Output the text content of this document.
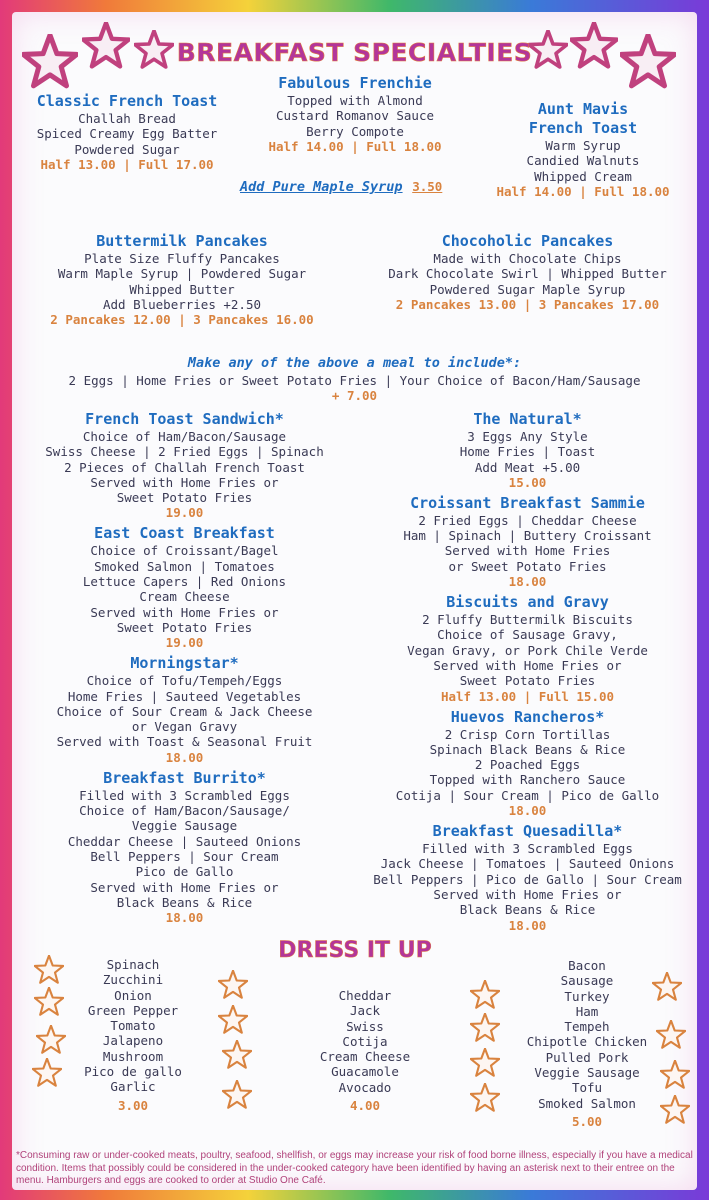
BREAKFAST SPECIALTIES
Classic French Toast
Challah Bread
Spiced Creamy Egg Batter
Powdered Sugar
Half 13.00 | Full 17.00
Fabulous Frenchie
Topped with Almond
Custard Romanov Sauce
Berry Compote
Half 14.00 | Full 18.00
Aunt Mavis
French Toast
Warm Syrup
Candied Walnuts
Whipped Cream
Half 14.00 | Full 18.00
Add Pure Maple Syrup 3.50
Buttermilk Pancakes
Plate Size Fluffy Pancakes
Warm Maple Syrup | Powdered Sugar
Whipped Butter
Add Blueberries +2.50
2 Pancakes 12.00 | 3 Pancakes 16.00
Chocoholic Pancakes
Made with Chocolate Chips
Dark Chocolate Swirl | Whipped Butter
Powdered Sugar Maple Syrup
2 Pancakes 13.00 | 3 Pancakes 17.00
Make any of the above a meal to include*:
2 Eggs | Home Fries or Sweet Potato Fries | Your Choice of Bacon/Ham/Sausage
+ 7.00
French Toast Sandwich*
Choice of Ham/Bacon/Sausage
Swiss Cheese | 2 Fried Eggs | Spinach
2 Pieces of Challah French Toast
Served with Home Fries or
Sweet Potato Fries
19.00
East Coast Breakfast
Choice of Croissant/Bagel
Smoked Salmon | Tomatoes
Lettuce Capers | Red Onions
Cream Cheese
Served with Home Fries or
Sweet Potato Fries
19.00
Morningstar*
Choice of Tofu/Tempeh/Eggs
Home Fries | Sauteed Vegetables
Choice of Sour Cream & Jack Cheese
or Vegan Gravy
Served with Toast & Seasonal Fruit
18.00
Breakfast Burrito*
Filled with 3 Scrambled Eggs
Choice of Ham/Bacon/Sausage/
Veggie Sausage
Cheddar Cheese | Sauteed Onions
Bell Peppers | Sour Cream
Pico de Gallo
Served with Home Fries or
Black Beans & Rice
18.00
The Natural*
3 Eggs Any Style
Home Fries | Toast
Add Meat +5.00
15.00
Croissant Breakfast Sammie
2 Fried Eggs | Cheddar Cheese
Ham | Spinach | Buttery Croissant
Served with Home Fries
or Sweet Potato Fries
18.00
Biscuits and Gravy
2 Fluffy Buttermilk Biscuits
Choice of Sausage Gravy,
Vegan Gravy, or Pork Chile Verde
Served with Home Fries or
Sweet Potato Fries
Half 13.00 | Full 15.00
Huevos Rancheros*
2 Crisp Corn Tortillas
Spinach Black Beans & Rice
2 Poached Eggs
Topped with Ranchero Sauce
Cotija | Sour Cream | Pico de Gallo
18.00
Breakfast Quesadilla*
Filled with 3 Scrambled Eggs
Jack Cheese | Tomatoes | Sauteed Onions
Bell Peppers | Pico de Gallo | Sour Cream
Served with Home Fries or
Black Beans & Rice
18.00
DRESS IT UP
Spinach
Zucchini
Onion
Green Pepper
Tomato
Jalapeno
Mushroom
Pico de gallo
Garlic
3.00
Cheddar
Jack
Swiss
Cotija
Cream Cheese
Guacamole
Avocado
4.00
Bacon
Sausage
Turkey
Ham
Tempeh
Chipotle Chicken
Pulled Pork
Veggie Sausage
Tofu
Smoked Salmon
5.00
*Consuming raw or under-cooked meats, poultry, seafood, shellfish, or eggs may increase your risk of food borne illness, especially if you have a medical condition. Items that possibly could be considered in the under-cooked category have been identified by having an asterisk next to their entree on the menu. Hamburgers and eggs are cooked to order at Studio One Café.
